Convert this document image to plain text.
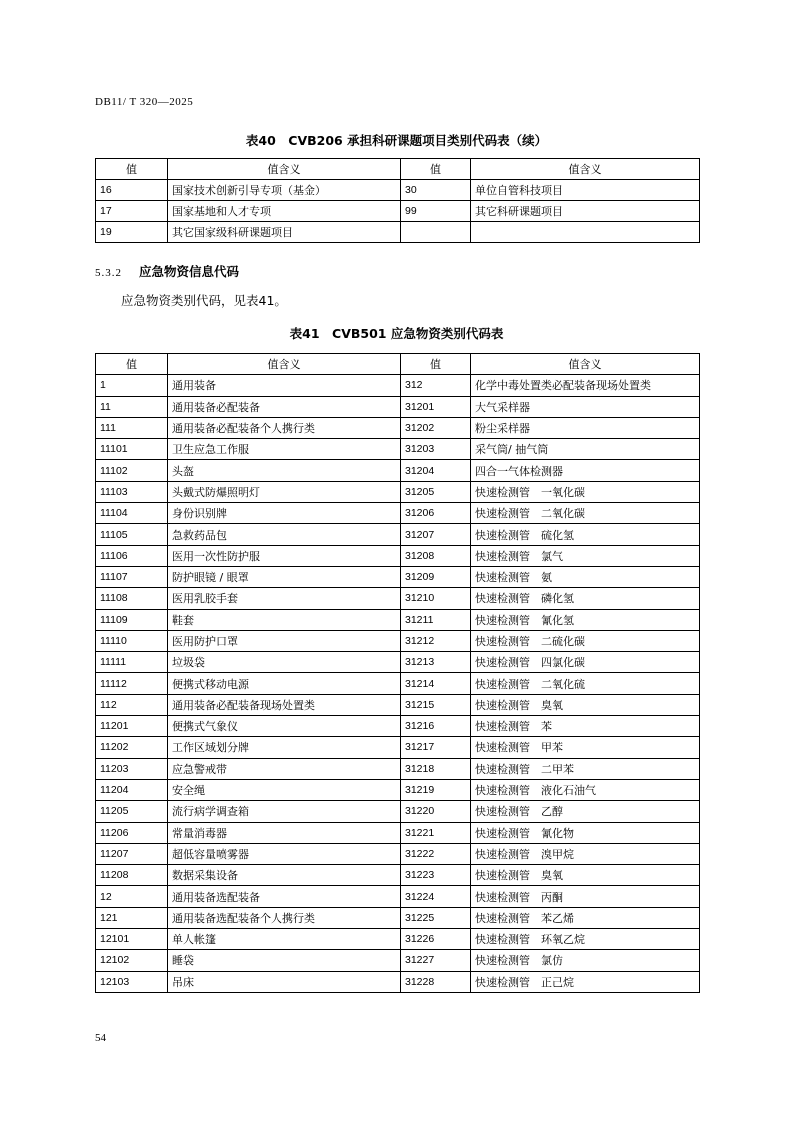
DB11/ T 320—2025
表40　CVB206 承担科研课题项目类别代码表（续）
值	值含义	值	值含义
16	国家技术创新引导专项（基金）	30	单位自管科技项目
17	国家基地和人才专项	99	其它科研课题项目
19	其它国家级科研课题项目		
5.3.2 应急物资信息代码
应急物资类别代码，见表41。
表41　CVB501 应急物资类别代码表
值	值含义	值	值含义
1	通用装备	312	化学中毒处置类必配装备现场处置类
11	通用装备必配装备	31201	大气采样器
111	通用装备必配装备个人携行类	31202	粉尘采样器
11101	卫生应急工作服	31203	采气筒/ 抽气筒
11102	头盔	31204	四合一气体检测器
11103	头戴式防爆照明灯	31205	快速检测管　一氧化碳
11104	身份识别牌	31206	快速检测管　二氧化碳
11105	急救药品包	31207	快速检测管　硫化氢
11106	医用一次性防护服	31208	快速检测管　氯气
11107	防护眼镜 / 眼罩	31209	快速检测管　氨
11108	医用乳胶手套	31210	快速检测管　磷化氢
11109	鞋套	31211	快速检测管　氰化氢
11110	医用防护口罩	31212	快速检测管　二硫化碳
11111	垃圾袋	31213	快速检测管　四氯化碳
11112	便携式移动电源	31214	快速检测管　二氧化硫
112	通用装备必配装备现场处置类	31215	快速检测管　臭氧
11201	便携式气象仪	31216	快速检测管　苯
11202	工作区域划分牌	31217	快速检测管　甲苯
11203	应急警戒带	31218	快速检测管　二甲苯
11204	安全绳	31219	快速检测管　液化石油气
11205	流行病学调查箱	31220	快速检测管　乙醇
11206	常量消毒器	31221	快速检测管　氰化物
11207	超低容量喷雾器	31222	快速检测管　溴甲烷
11208	数据采集设备	31223	快速检测管　臭氧
12	通用装备选配装备	31224	快速检测管　丙酮
121	通用装备选配装备个人携行类	31225	快速检测管　苯乙烯
12101	单人帐篷	31226	快速检测管　环氧乙烷
12102	睡袋	31227	快速检测管　氯仿
12103	吊床	31228	快速检测管　正己烷
54
